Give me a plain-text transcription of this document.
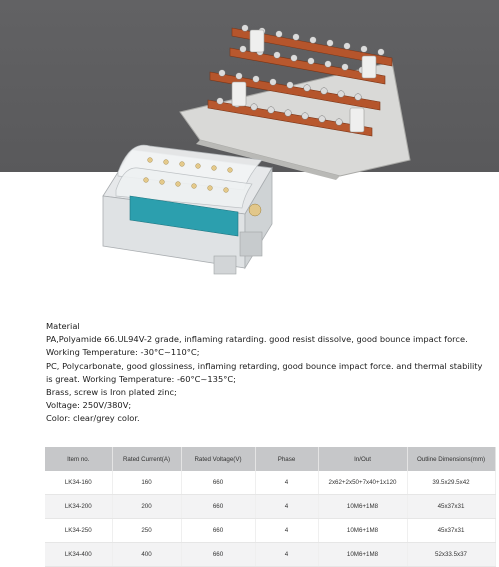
Material

PA,Polyamide 66.UL94V-2 grade, inflaming ratarding. good resist dissolve, good bounce impact force. Working Temperature: -30°C~110°C;

PC, Polycarbonate, good glossiness, inflaming retarding, good bounce impact force. and thermal stability is great. Working Temperature: -60°C~135°C;

Brass, screw is Iron plated zinc;

Voltage: 250V/380V;

Color: clear/grey color.

Item no.	Rated Current(A)	Rated Voltage(V)	Phase	In/Out	Outline Dimensions(mm)
LK34-160	160	660	4	2x62+2x50+7x40+1x120	39.5x29.5x42
LK34-200	200	660	4	10M6+1M8	45x37x31
LK34-250	250	660	4	10M6+1M8	45x37x31
LK34-400	400	660	4	10M6+1M8	52x33.5x37
